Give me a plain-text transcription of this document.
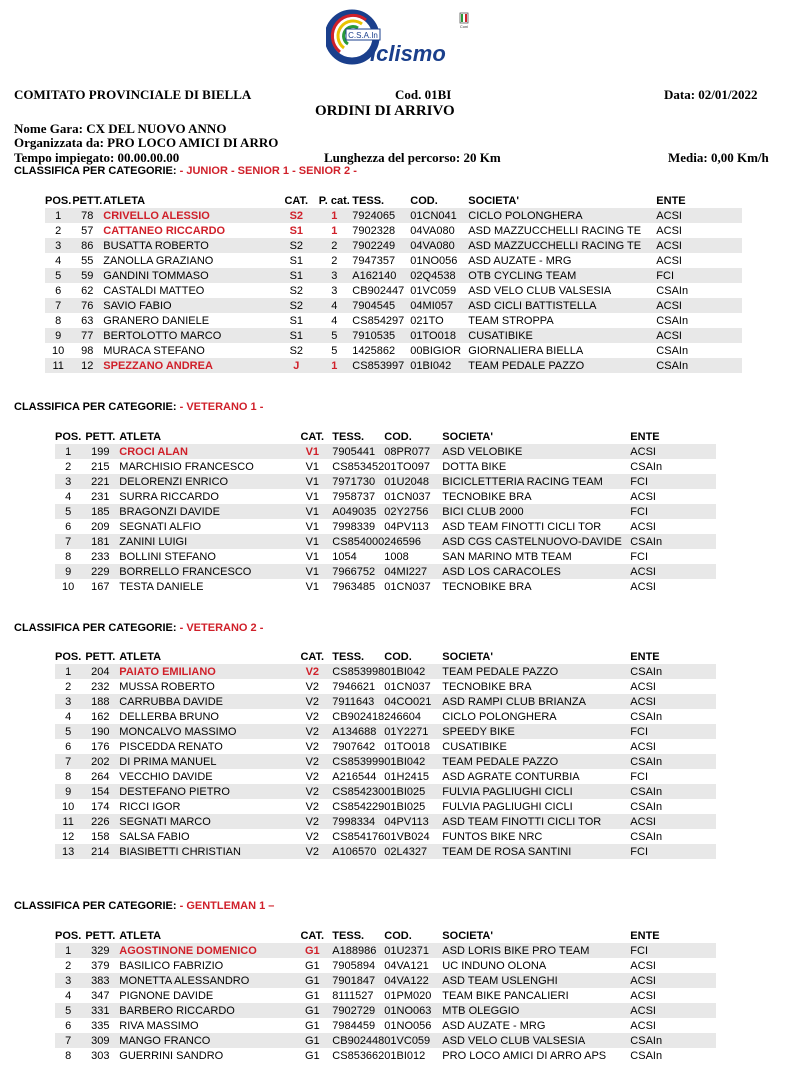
C.S.A.In
iclismo
Coni
COMITATO PROVINCIALE DI BIELLA	Cod. 01BI	Data: 02/01/2022
ORDINI DI ARRIVO
Nome Gara: CX DEL NUOVO ANNO
Organizzata da: PRO LOCO AMICI DI ARRO
Tempo impiegato: 00.00.00.00	Lunghezza del percorso: 20 Km	Media: 0,00 Km/h
CLASSIFICA PER CATEGORIE: - JUNIOR - SENIOR 1 - SENIOR 2 -
CLASSIFICA PER CATEGORIE: - VETERANO 1 -
CLASSIFICA PER CATEGORIE: - VETERANO 2 -
CLASSIFICA PER CATEGORIE: - GENTLEMAN 1 –
POS.	PETT.	ATLETA	CAT.	P. cat.	TESS.	COD.	SOCIETA'	ENTE	
1	78	CRIVELLO ALESSIO	S2	1	7924065	01CN041	CICLO POLONGHERA	ACSI	
2	57	CATTANEO RICCARDO	S1	1	7902328	04VA080	ASD MAZZUCCHELLI RACING TE	ACSI	
3	86	BUSATTA ROBERTO	S2	2	7902249	04VA080	ASD MAZZUCCHELLI RACING TE	ACSI	
4	55	ZANOLLA GRAZIANO	S1	2	7947357	01NO056	ASD AUZATE - MRG	ACSI	
5	59	GANDINI TOMMASO	S1	3	A162140	02Q4538	OTB CYCLING TEAM	FCI	
6	62	CASTALDI MATTEO	S2	3	CB902447	01VC059	ASD VELO CLUB VALSESIA	CSAIn	
7	76	SAVIO FABIO	S2	4	7904545	04MI057	ASD CICLI BATTISTELLA	ACSI	
8	63	GRANERO DANIELE	S1	4	CS854297	021TO	TEAM STROPPA	CSAIn	
9	77	BERTOLOTTO MARCO	S1	5	7910535	01TO018	CUSATIBIKE	ACSI	
10	98	MURACA STEFANO	S2	5	1425862	00BIGIOR	GIORNALIERA BIELLA	CSAIn	
11	12	SPEZZANO ANDREA	J	1	CS853997	01BI042	TEAM PEDALE PAZZO	CSAIn	
POS.	PETT.	ATLETA	CAT.	TESS.	COD.	SOCIETA'	ENTE	
1	199	CROCI ALAN	V1	7905441	08PR077	ASD VELOBIKE	ACSI	
2	215	MARCHISIO FRANCESCO	V1	CS853452	01TO097	DOTTA BIKE	CSAIn	
3	221	DELORENZI ENRICO	V1	7971730	01U2048	BICICLETTERIA RACING TEAM	FCI	
4	231	SURRA RICCARDO	V1	7958737	01CN037	TECNOBIKE BRA	ACSI	
5	185	BRAGONZI DAVIDE	V1	A049035	02Y2756	BICI CLUB 2000	FCI	
6	209	SEGNATI ALFIO	V1	7998339	04PV113	ASD TEAM FINOTTI CICLI TOR	ACSI	
7	181	ZANINI LUIGI	V1	CS854000	246596	ASD CGS CASTELNUOVO-DAVIDE	CSAIn	
8	233	BOLLINI STEFANO	V1	1054	1008	SAN MARINO MTB TEAM	FCI	
9	229	BORRELLO FRANCESCO	V1	7966752	04MI227	ASD LOS CARACOLES	ACSI	
10	167	TESTA DANIELE	V1	7963485	01CN037	TECNOBIKE BRA	ACSI	
POS.	PETT.	ATLETA	CAT.	TESS.	COD.	SOCIETA'	ENTE	
1	204	PAIATO EMILIANO	V2	CS853998	01BI042	TEAM PEDALE PAZZO	CSAIn	
2	232	MUSSA ROBERTO	V2	7946621	01CN037	TECNOBIKE BRA	ACSI	
3	188	CARRUBBA DAVIDE	V2	7911643	04CO021	ASD RAMPI CLUB BRIANZA	ACSI	
4	162	DELLERBA BRUNO	V2	CB902418	246604	CICLO POLONGHERA	CSAIn	
5	190	MONCALVO MASSIMO	V2	A134688	01Y2271	SPEEDY BIKE	FCI	
6	176	PISCEDDA RENATO	V2	7907642	01TO018	CUSATIBIKE	ACSI	
7	202	DI PRIMA MANUEL	V2	CS853999	01BI042	TEAM PEDALE PAZZO	CSAIn	
8	264	VECCHIO DAVIDE	V2	A216544	01H2415	ASD AGRATE CONTURBIA	FCI	
9	154	DESTEFANO PIETRO	V2	CS854230	01BI025	FULVIA PAGLIUGHI CICLI	CSAIn	
10	174	RICCI IGOR	V2	CS854229	01BI025	FULVIA PAGLIUGHI CICLI	CSAIn	
11	226	SEGNATI MARCO	V2	7998334	04PV113	ASD TEAM FINOTTI CICLI TOR	ACSI	
12	158	SALSA FABIO	V2	CS854176	01VB024	FUNTOS BIKE NRC	CSAIn	
13	214	BIASIBETTI CHRISTIAN	V2	A106570	02L4327	TEAM DE ROSA SANTINI	FCI	
POS.	PETT.	ATLETA	CAT.	TESS.	COD.	SOCIETA'	ENTE	
1	329	AGOSTINONE DOMENICO	G1	A188986	01U2371	ASD LORIS BIKE PRO TEAM	FCI	
2	379	BASILICO FABRIZIO	G1	7905894	04VA121	UC INDUNO OLONA	ACSI	
3	383	MONETTA ALESSANDRO	G1	7901847	04VA122	ASD TEAM USLENGHI	ACSI	
4	347	PIGNONE DAVIDE	G1	8111527	01PM020	TEAM BIKE PANCALIERI	ACSI	
5	331	BARBERO RICCARDO	G1	7902729	01NO063	MTB OLEGGIO	ACSI	
6	335	RIVA MASSIMO	G1	7984459	01NO056	ASD AUZATE - MRG	ACSI	
7	309	MANGO FRANCO	G1	CB902448	01VC059	ASD VELO CLUB VALSESIA	CSAIn	
8	303	GUERRINI SANDRO	G1	CS853662	01BI012	PRO LOCO AMICI DI ARRO APS	CSAIn	
